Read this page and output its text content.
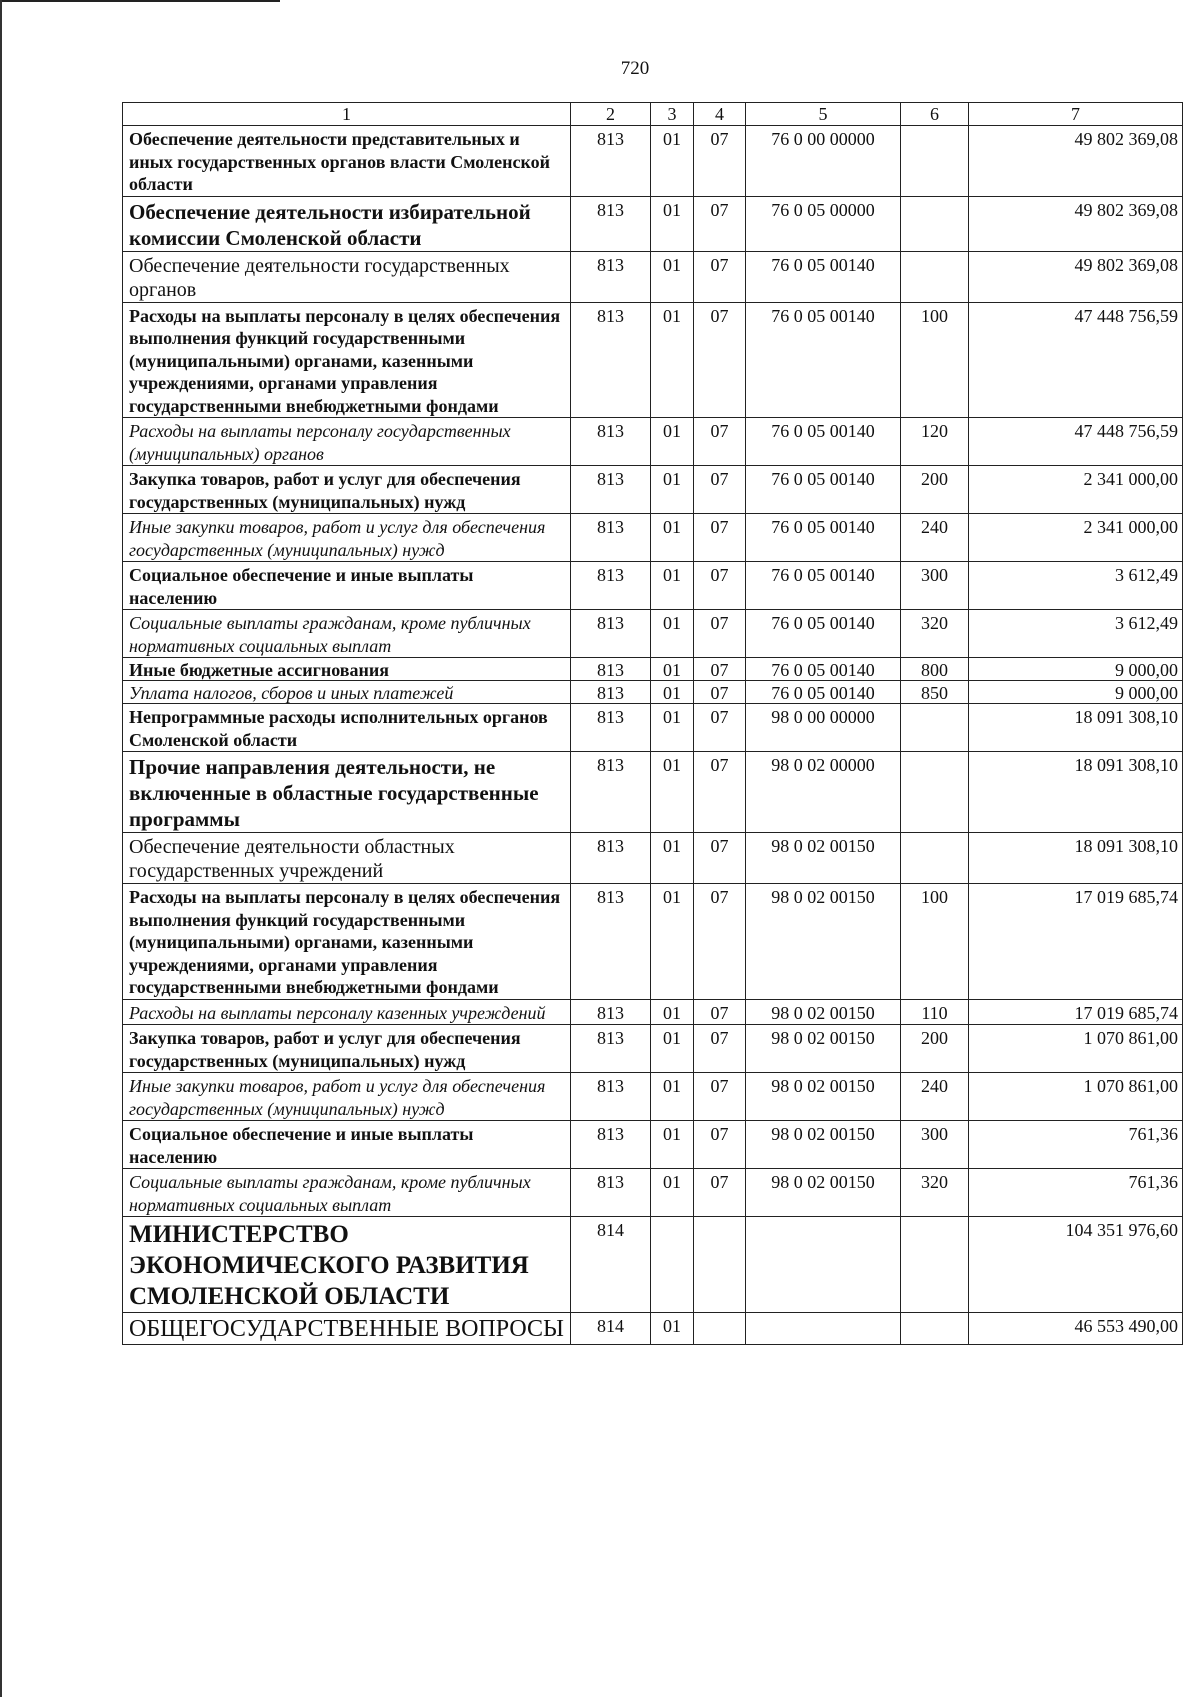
720
1	2	3	4	5	6	7
Обеспечение деятельности представительных и иных государственных органов власти Смоленской области	813	01	07	76 0 00 00000		49 802 369,08
Обеспечение деятельности избирательной комиссии Смоленской области	813	01	07	76 0 05 00000		49 802 369,08
Обеспечение деятельности государственных органов	813	01	07	76 0 05 00140		49 802 369,08
Расходы на выплаты персоналу в целях обеспечения выполнения функций государственными (муниципальными) органами, казенными учреждениями, органами управления государственными внебюджетными фондами	813	01	07	76 0 05 00140	100	47 448 756,59
Расходы на выплаты персоналу государственных (муниципальных) органов	813	01	07	76 0 05 00140	120	47 448 756,59
Закупка товаров, работ и услуг для обеспечения государственных (муниципальных) нужд	813	01	07	76 0 05 00140	200	2 341 000,00
Иные закупки товаров, работ и услуг для обеспечения государственных (муниципальных) нужд	813	01	07	76 0 05 00140	240	2 341 000,00
Социальное обеспечение и иные выплаты населению	813	01	07	76 0 05 00140	300	3 612,49
Социальные выплаты гражданам, кроме публичных нормативных социальных выплат	813	01	07	76 0 05 00140	320	3 612,49
Иные бюджетные ассигнования	813	01	07	76 0 05 00140	800	9 000,00
Уплата налогов, сборов и иных платежей	813	01	07	76 0 05 00140	850	9 000,00
Непрограммные расходы исполнительных органов Смоленской области	813	01	07	98 0 00 00000		18 091 308,10
Прочие направления деятельности, не включенные в областные государственные программы	813	01	07	98 0 02 00000		18 091 308,10
Обеспечение деятельности областных государственных учреждений	813	01	07	98 0 02 00150		18 091 308,10
Расходы на выплаты персоналу в целях обеспечения выполнения функций государственными (муниципальными) органами, казенными учреждениями, органами управления государственными внебюджетными фондами	813	01	07	98 0 02 00150	100	17 019 685,74
Расходы на выплаты персоналу казенных учреждений	813	01	07	98 0 02 00150	110	17 019 685,74
Закупка товаров, работ и услуг для обеспечения государственных (муниципальных) нужд	813	01	07	98 0 02 00150	200	1 070 861,00
Иные закупки товаров, работ и услуг для обеспечения государственных (муниципальных) нужд	813	01	07	98 0 02 00150	240	1 070 861,00
Социальное обеспечение и иные выплаты населению	813	01	07	98 0 02 00150	300	761,36
Социальные выплаты гражданам, кроме публичных нормативных социальных выплат	813	01	07	98 0 02 00150	320	761,36
МИНИСТЕРСТВО ЭКОНОМИЧЕСКОГО РАЗВИТИЯ СМОЛЕНСКОЙ ОБЛАСТИ	814					104 351 976,60
ОБЩЕГОСУДАРСТВЕННЫЕ ВОПРОСЫ	814	01				46 553 490,00
